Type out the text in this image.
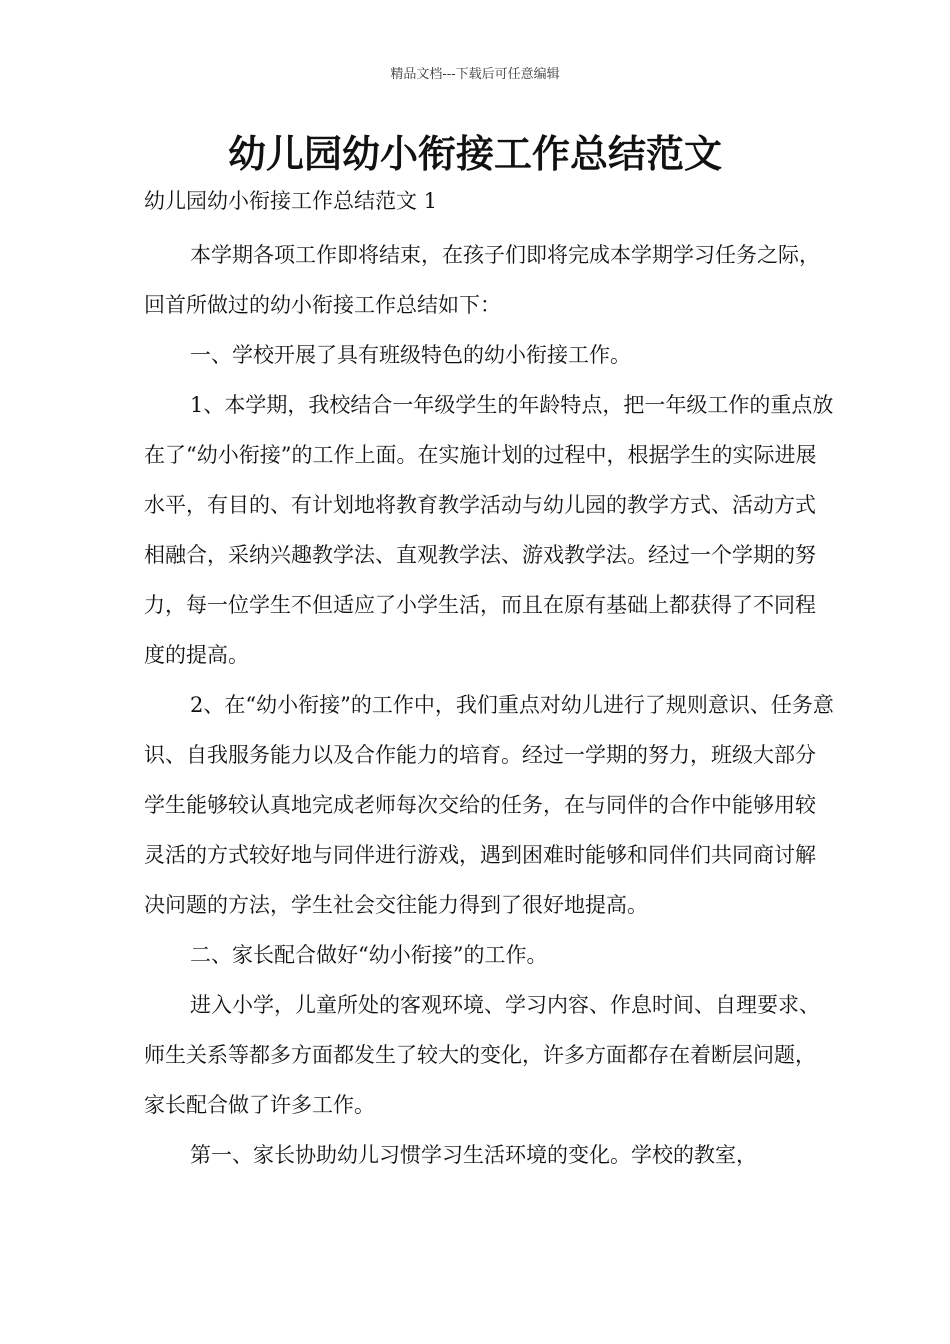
精品文档---下载后可任意编辑
幼儿园幼小衔接工作总结范文
幼儿园幼小衔接工作总结范文 1

本学期各项工作即将结束，在孩子们即将完成本学期学习任务之际，回首所做过的幼小衔接工作总结如下：

一、学校开展了具有班级特色的幼小衔接工作。

1、本学期，我校结合一年级学生的年龄特点，把一年级工作的重点放在了“幼小衔接”的工作上面。在实施计划的过程中，根据学生的实际进展水平，有目的、有计划地将教育教学活动与幼儿园的教学方式、活动方式相融合，采纳兴趣教学法、直观教学法、游戏教学法。经过一个学期的努力，每一位学生不但适应了小学生活，而且在原有基础上都获得了不同程度的提高。

2、在“幼小衔接”的工作中，我们重点对幼儿进行了规则意识、任务意识、自我服务能力以及合作能力的培育。经过一学期的努力，班级大部分学生能够较认真地完成老师每次交给的任务，在与同伴的合作中能够用较灵活的方式较好地与同伴进行游戏，遇到困难时能够和同伴们共同商讨解决问题的方法，学生社会交往能力得到了很好地提高。

二、家长配合做好“幼小衔接”的工作。

进入小学，儿童所处的客观环境、学习内容、作息时间、自理要求、师生关系等都多方面都发生了较大的变化，许多方面都存在着断层问题，家长配合做了许多工作。

第一、家长协助幼儿习惯学习生活环境的变化。学校的教室，
